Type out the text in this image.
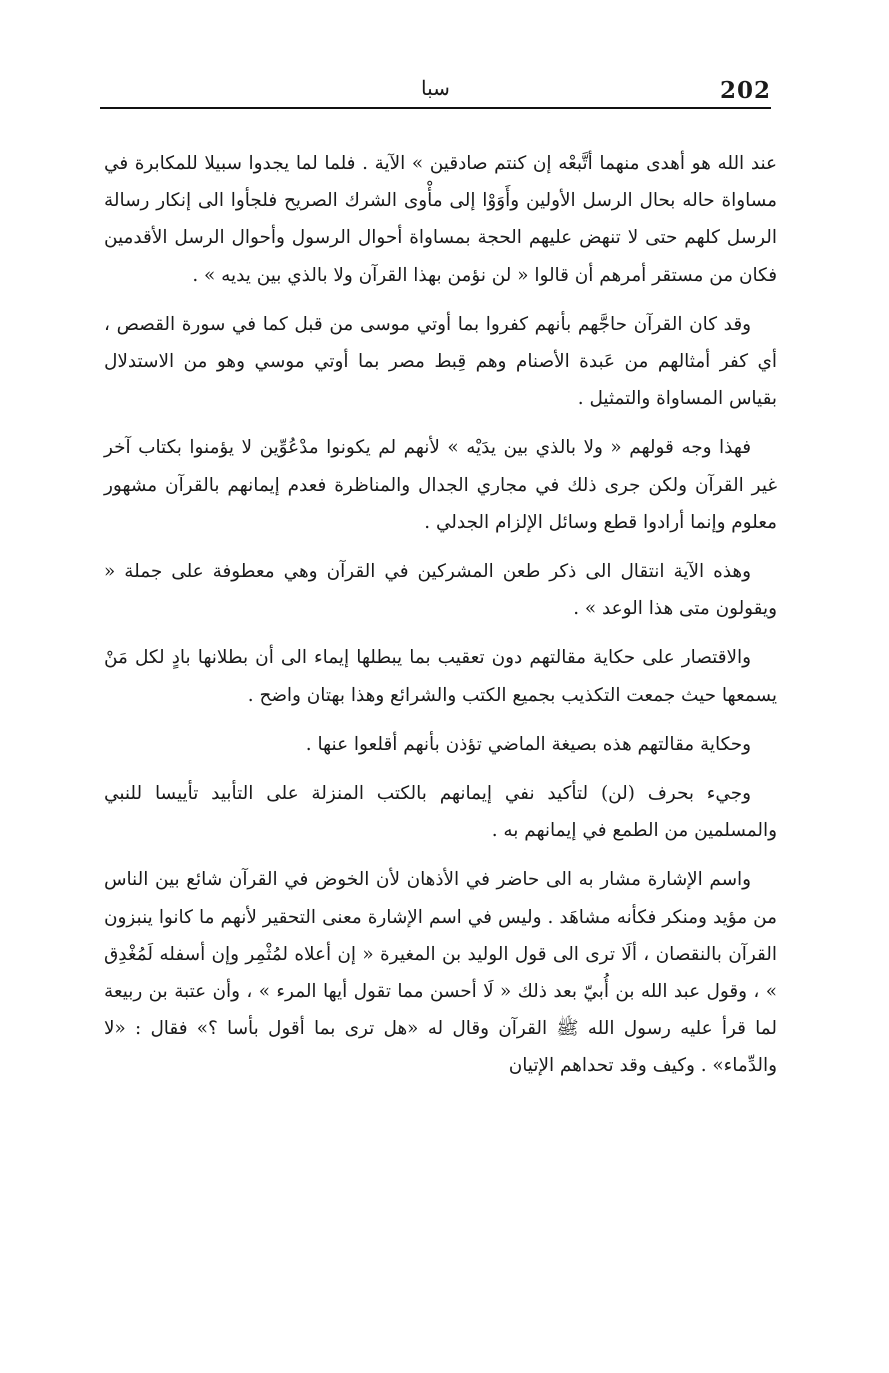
202
سبا

عند الله هو أهدى منهما أتَّبعْه إن كنتم صادقين » الآية . فلما لما يجدوا سبيلا للمكابرة في مساواة حاله بحال الرسل الأولين وأَوَوْا إلى مأْوى الشرك الصريح فلجأوا الى إنكار رسالة الرسل كلهم حتى لا تنهض عليهم الحجة بمساواة أحوال الرسول وأحوال الرسل الأقدمين فكان من مستقر أمرهم أن قالوا « لن نؤمن بهذا القرآن ولا بالذي بين يديه » .

وقد كان القرآن حاجَّهم بأنهم كفروا بما أوتي موسى من قبل كما في سورة القصص ، أي كفر أمثالهم من عَبدة الأصنام وهم قِبط مصر بما أوتي موسي وهو من الاستدلال بقياس المساواة والتمثيل .

فهذا وجه قولهم « ولا بالذي بين يدَيْه » لأنهم لم يكونوا مدْعُوِّين لا يؤمنوا بكتاب آخر غير القرآن ولكن جرى ذلك في مجاري الجدال والمناظرة فعدم إيمانهم بالقرآن مشهور معلوم وإنما أرادوا قطع وسائل الإلزام الجدلي .

وهذه الآية انتقال الى ذكر طعن المشركين في القرآن وهي معطوفة على جملة « ويقولون متى هذا الوعد » .

والاقتصار على حكاية مقالتهم دون تعقيب بما يبطلها إيماء الى أن بطلانها بادٍ لكل مَنْ يسمعها حيث جمعت التكذيب بجميع الكتب والشرائع وهذا بهتان واضح .

وحكاية مقالتهم هذه بصيغة الماضي تؤذن بأنهم أقلعوا عنها .

وجيء بحرف (لن) لتأكيد نفي إيمانهم بالكتب المنزلة على التأبيد تأييسا للنبي والمسلمين من الطمع في إيمانهم به .

واسم الإشارة مشار به الى حاضر في الأذهان لأن الخوض في القرآن شائع بين الناس من مؤيد ومنكر فكأنه مشاهَد . وليس في اسم الإشارة معنى التحقير لأنهم ما كانوا ينبزون القرآن بالنقصان ، ألَا ترى الى قول الوليد بن المغيرة « إن أعلاه لمُثْمِر وإن أسفله لَمُغْدِق » ، وقول عبد الله بن أُبيّ بعد ذلك « لَا أحسن مما تقول أيها المرء » ، وأن عتبة بن ربيعة لما قرأ عليه رسول الله ﷺ القرآن وقال له «هل ترى بما أقول بأسا ؟» فقال : «لا والدِّماء» . وكيف وقد تحداهم الإتيان
